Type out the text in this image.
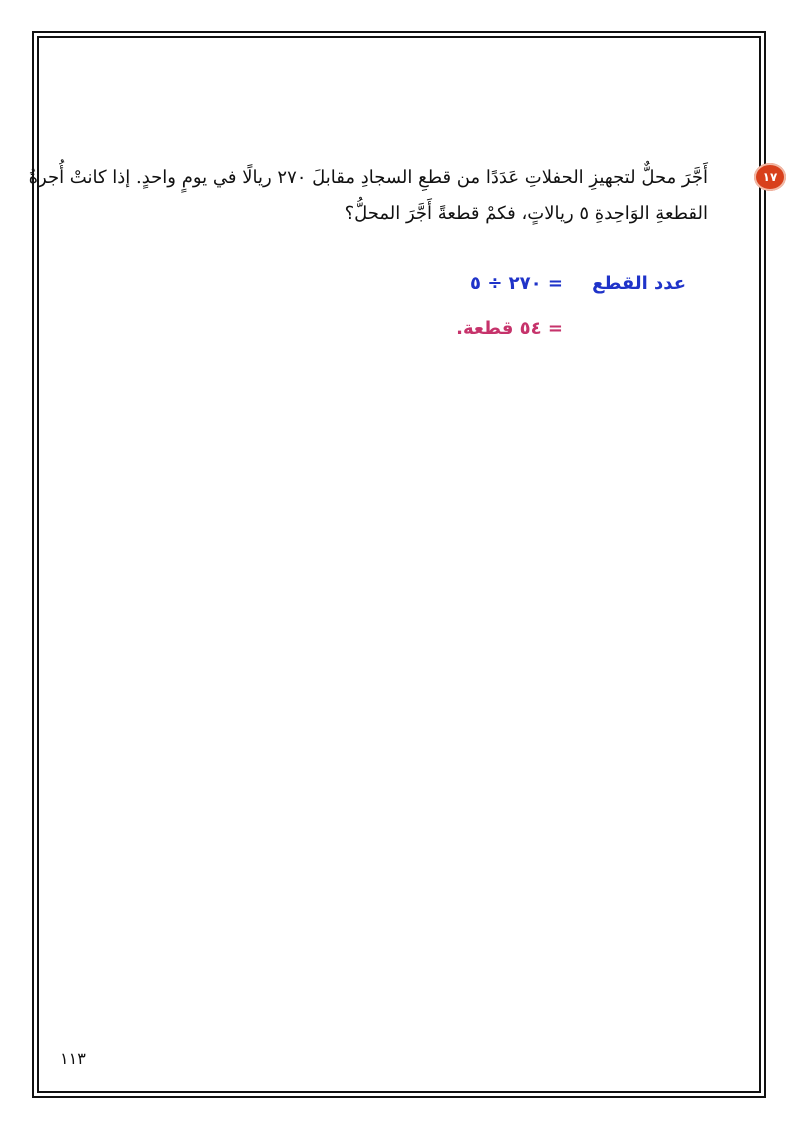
١٧
أَجَّرَ محلٌّ لتجهيزِ الحفلاتِ عَدَدًا من قطعِ السجادِ مقابلَ ٢٧٠ ريالًا في يومٍ واحدٍ. إذا كانتْ أُجرةُ
القطعةِ الوَاحِدةِ ٥ ريالاتٍ، فكمْ قطعةً أَجَّرَ المحلُّ؟
عدد القطع
= ٢٧٠ ÷ ٥
= ٥٤ قطعة.
١١٣
